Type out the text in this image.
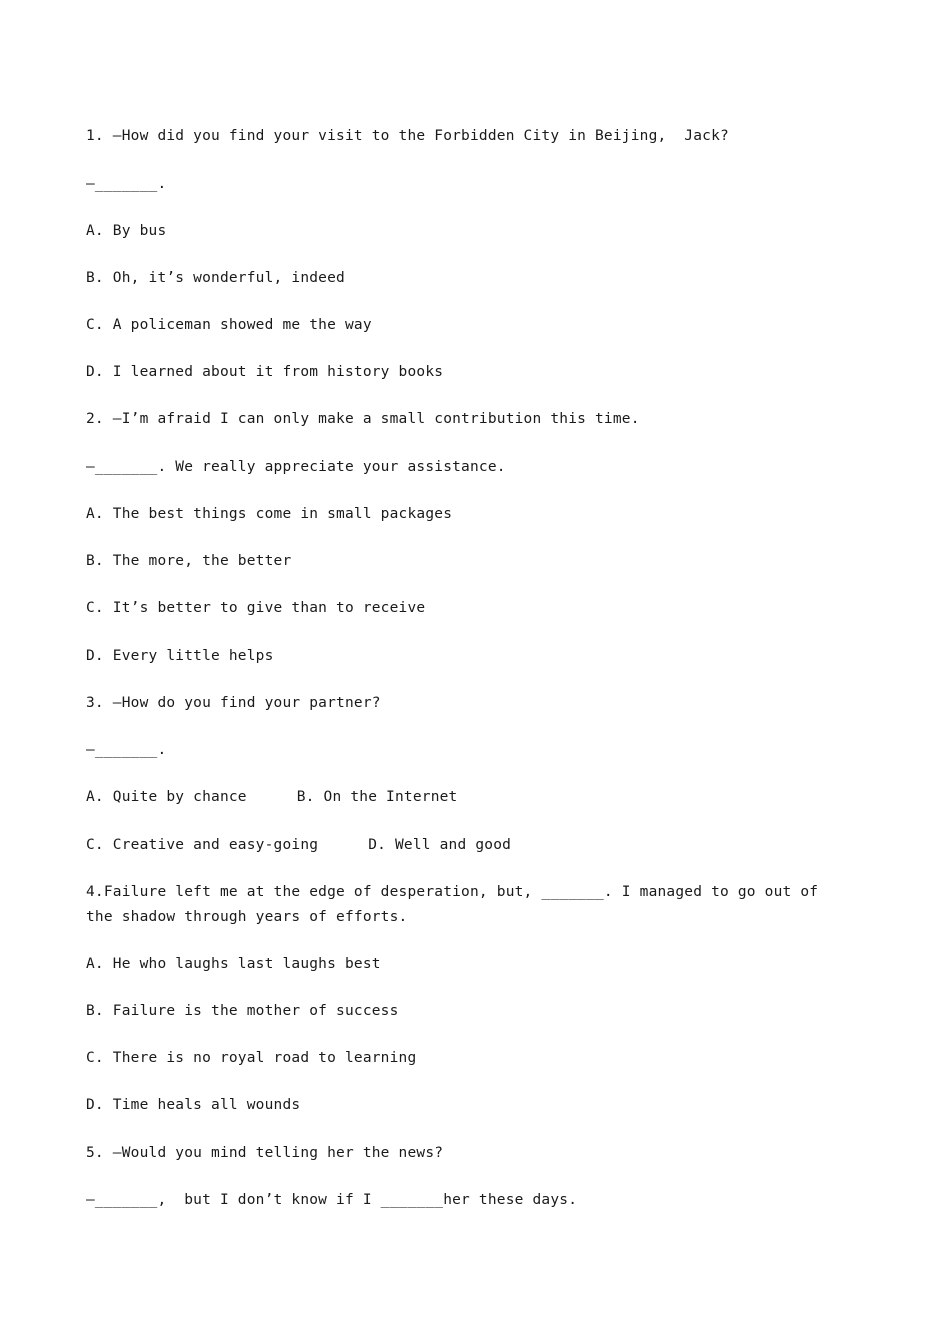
1. —How did you find your visit to the Forbidden City in Beijing,  Jack?
—_______.
A. By bus
B. Oh, it’s wonderful, indeed
C. A policeman showed me the way
D. I learned about it from history books
2. —I’m afraid I can only make a small contribution this time.
—_______. We really appreciate your assistance.
A. The best things come in small packages
B. The more, the better
C. It’s better to give than to receive
D. Every little helps
3. —How do you find your partner?
—_______.
A. Quite by chance	B. On the Internet
C. Creative and easy-going	D. Well and good
4.Failure left me at the edge of desperation, but, _______. I managed to go out of the shadow through years of efforts.
A. He who laughs last laughs best
B. Failure is the mother of success
C. There is no royal road to learning
D. Time heals all wounds
5. —Would you mind telling her the news?
—_______,  but I don’t know if I _______her these days.
